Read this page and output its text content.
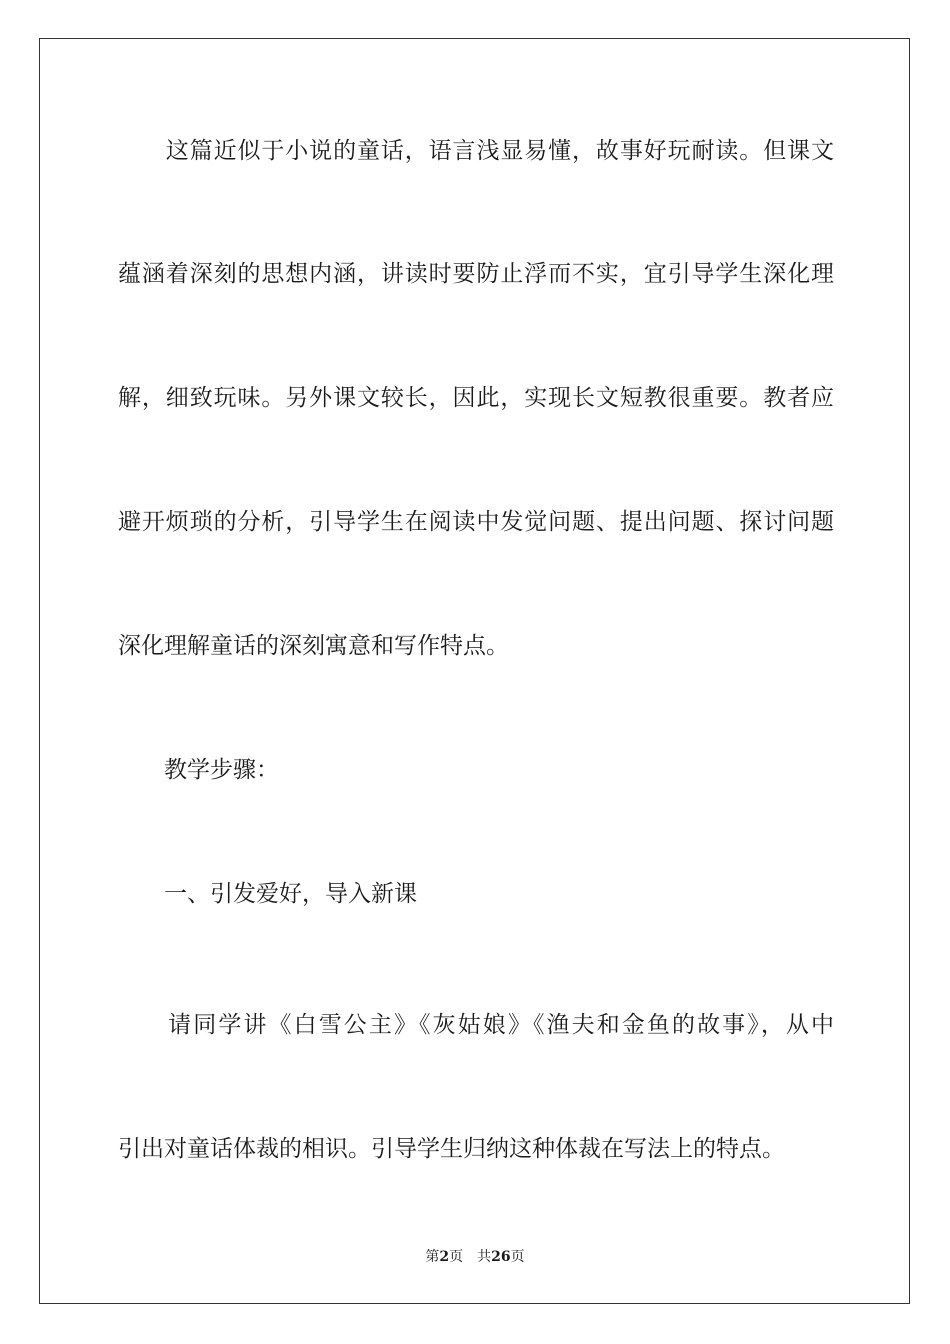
　　这篇近似于小说的童话，语言浅显易懂，故事好玩耐读。但课文
蕴涵着深刻的思想内涵，讲读时要防止浮而不实，宜引导学生深化理
解，细致玩味。另外课文较长，因此，实现长文短教很重要。教者应
避开烦琐的分析，引导学生在阅读中发觉问题、提出问题、探讨问题
深化理解童话的深刻寓意和写作特点。
　　教学步骤：
　　一、引发爱好，导入新课
　　请同学讲《白雪公主》《灰姑娘》《渔夫和金鱼的故事》，从中
引出对童话体裁的相识。引导学生归纳这种体裁在写法上的特点。
第2页 共26页
